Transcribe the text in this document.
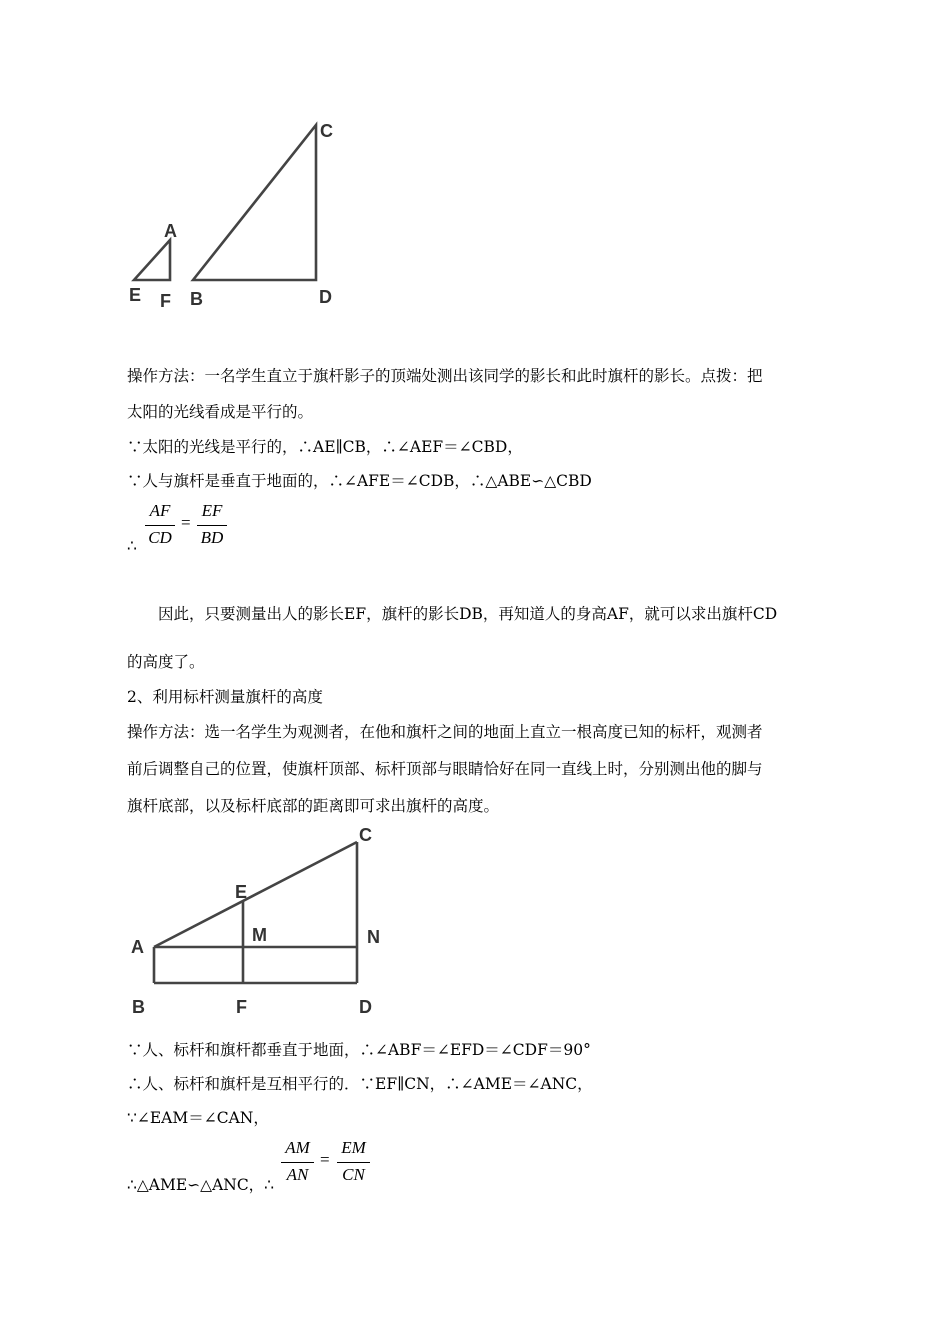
A
E F B
C
D
操作方法：一名学生直立于旗杆影子的顶端处测出该同学的影长和此时旗杆的影长。点拨：把
太阳的光线看成是平行的。
∵太阳的光线是平行的，∴AE∥CB，∴∠AEF＝∠CBD，
∵人与旗杆是垂直于地面的，∴∠AFE＝∠CDB，∴△ABE∽△CBD
∴
AF
CD
=
EF
BD
因此，只要测量出人的影长EF，旗杆的影长DB，再知道人的身高AF，就可以求出旗杆CD
的高度了。
2、利用标杆测量旗杆的高度
操作方法：选一名学生为观测者，在他和旗杆之间的地面上直立一根高度已知的标杆，观测者
前后调整自己的位置，使旗杆顶部、标杆顶部与眼睛恰好在同一直线上时，分别测出他的脚与
旗杆底部，以及标杆底部的距离即可求出旗杆的高度。
C
E
A
M	N
B	F	D
∵人、标杆和旗杆都垂直于地面，∴∠ABF＝∠EFD＝∠CDF＝90°
∴人、标杆和旗杆是互相平行的．∵EF∥CN，∴∠AME＝∠ANC，
∵∠EAM＝∠CAN，
∴△AME∽△ANC，∴
AM
AN
=
EM
CN
